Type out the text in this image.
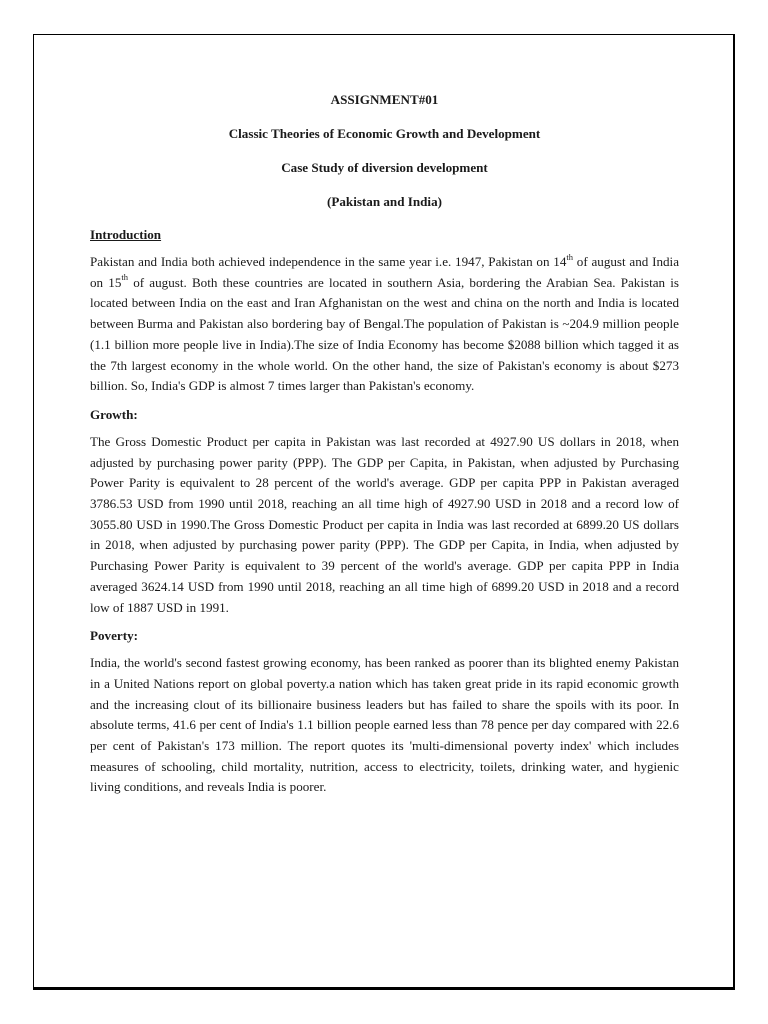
ASSIGNMENT#01

Classic Theories of Economic Growth and Development

Case Study of diversion development

(Pakistan and India)

Introduction

Pakistan and India both achieved independence in the same year i.e. 1947, Pakistan on 14th of august and India on 15th of august. Both these countries are located in southern Asia, bordering the Arabian Sea. Pakistan is located between India on the east and Iran Afghanistan on the west and china on the north and India is located between Burma and Pakistan also bordering bay of Bengal.The population of Pakistan is ~204.9 million people (1.1 billion more people live in India).The size of India Economy has become $2088 billion which tagged it as the 7th largest economy in the whole world. On the other hand, the size of Pakistan's economy is about $273 billion. So, India's GDP is almost 7 times larger than Pakistan's economy.

Growth:

The Gross Domestic Product per capita in Pakistan was last recorded at 4927.90 US dollars in 2018, when adjusted by purchasing power parity (PPP). The GDP per Capita, in Pakistan, when adjusted by Purchasing Power Parity is equivalent to 28 percent of the world's average. GDP per capita PPP in Pakistan averaged 3786.53 USD from 1990 until 2018, reaching an all time high of 4927.90 USD in 2018 and a record low of 3055.80 USD in 1990.The Gross Domestic Product per capita in India was last recorded at 6899.20 US dollars in 2018, when adjusted by purchasing power parity (PPP). The GDP per Capita, in India, when adjusted by Purchasing Power Parity is equivalent to 39 percent of the world's average. GDP per capita PPP in India averaged 3624.14 USD from 1990 until 2018, reaching an all time high of 6899.20 USD in 2018 and a record low of 1887 USD in 1991.

Poverty:

India, the world's second fastest growing economy, has been ranked as poorer than its blighted enemy Pakistan in a United Nations report on global poverty.a nation which has taken great pride in its rapid economic growth and the increasing clout of its billionaire business leaders but has failed to share the spoils with its poor. In absolute terms, 41.6 per cent of India's 1.1 billion people earned less than 78 pence per day compared with 22.6 per cent of Pakistan's 173 million. The report quotes its 'multi-dimensional poverty index' which includes measures of schooling, child mortality, nutrition, access to electricity, toilets, drinking water, and hygienic living conditions, and reveals India is poorer.
